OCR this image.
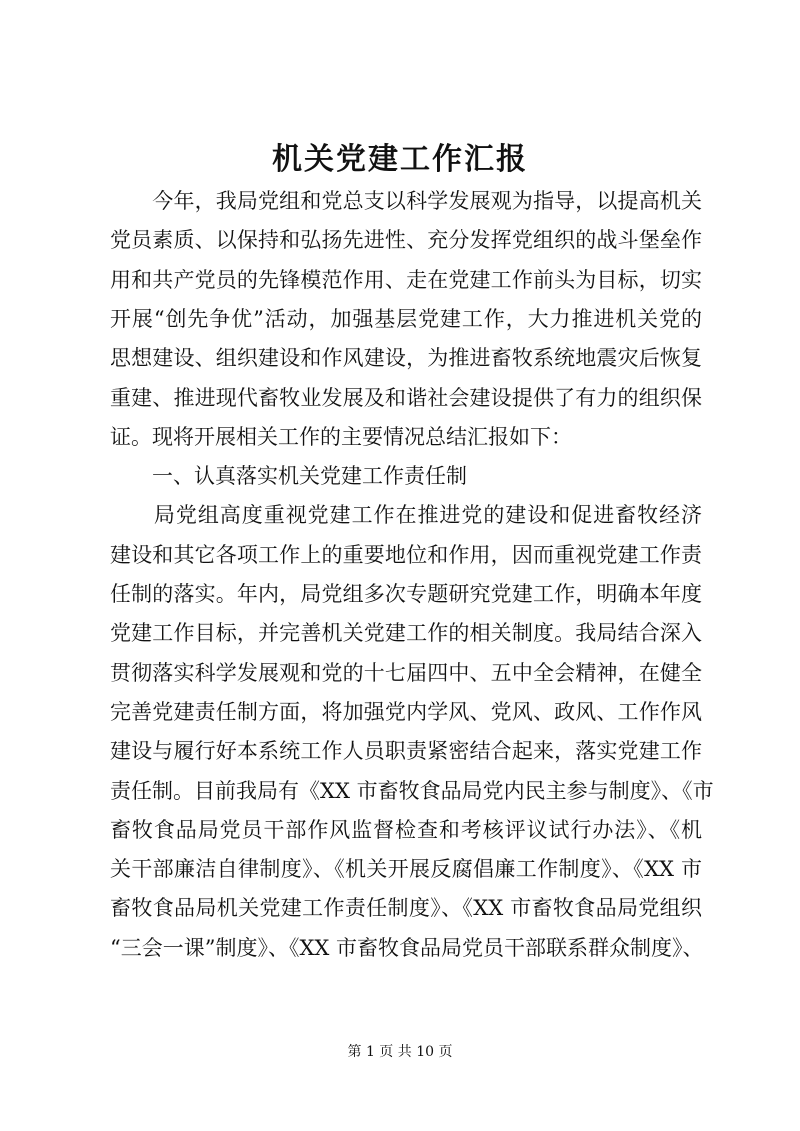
机关党建工作汇报
　　今年，我局党组和党总支以科学发展观为指导，以提高机关
党员素质、以保持和弘扬先进性、充分发挥党组织的战斗堡垒作
用和共产党员的先锋模范作用、走在党建工作前头为目标，切实
开展“创先争优”活动，加强基层党建工作，大力推进机关党的
思想建设、组织建设和作风建设，为推进畜牧系统地震灾后恢复
重建、推进现代畜牧业发展及和谐社会建设提供了有力的组织保
证。现将开展相关工作的主要情况总结汇报如下：
　　一、认真落实机关党建工作责任制
　　局党组高度重视党建工作在推进党的建设和促进畜牧经济
建设和其它各项工作上的重要地位和作用，因而重视党建工作责
任制的落实。年内，局党组多次专题研究党建工作，明确本年度
党建工作目标，并完善机关党建工作的相关制度。我局结合深入
贯彻落实科学发展观和党的十七届四中、五中全会精神，在健全
完善党建责任制方面，将加强党内学风、党风、政风、工作作风
建设与履行好本系统工作人员职责紧密结合起来，落实党建工作
责任制。目前我局有《XX 市畜牧食品局党内民主参与制度》、《市
畜牧食品局党员干部作风监督检查和考核评议试行办法》、《机
关干部廉洁自律制度》、《机关开展反腐倡廉工作制度》、《XX 市
畜牧食品局机关党建工作责任制度》、《XX 市畜牧食品局党组织
“三会一课”制度》、《XX 市畜牧食品局党员干部联系群众制度》、
第 1 页 共 10 页
